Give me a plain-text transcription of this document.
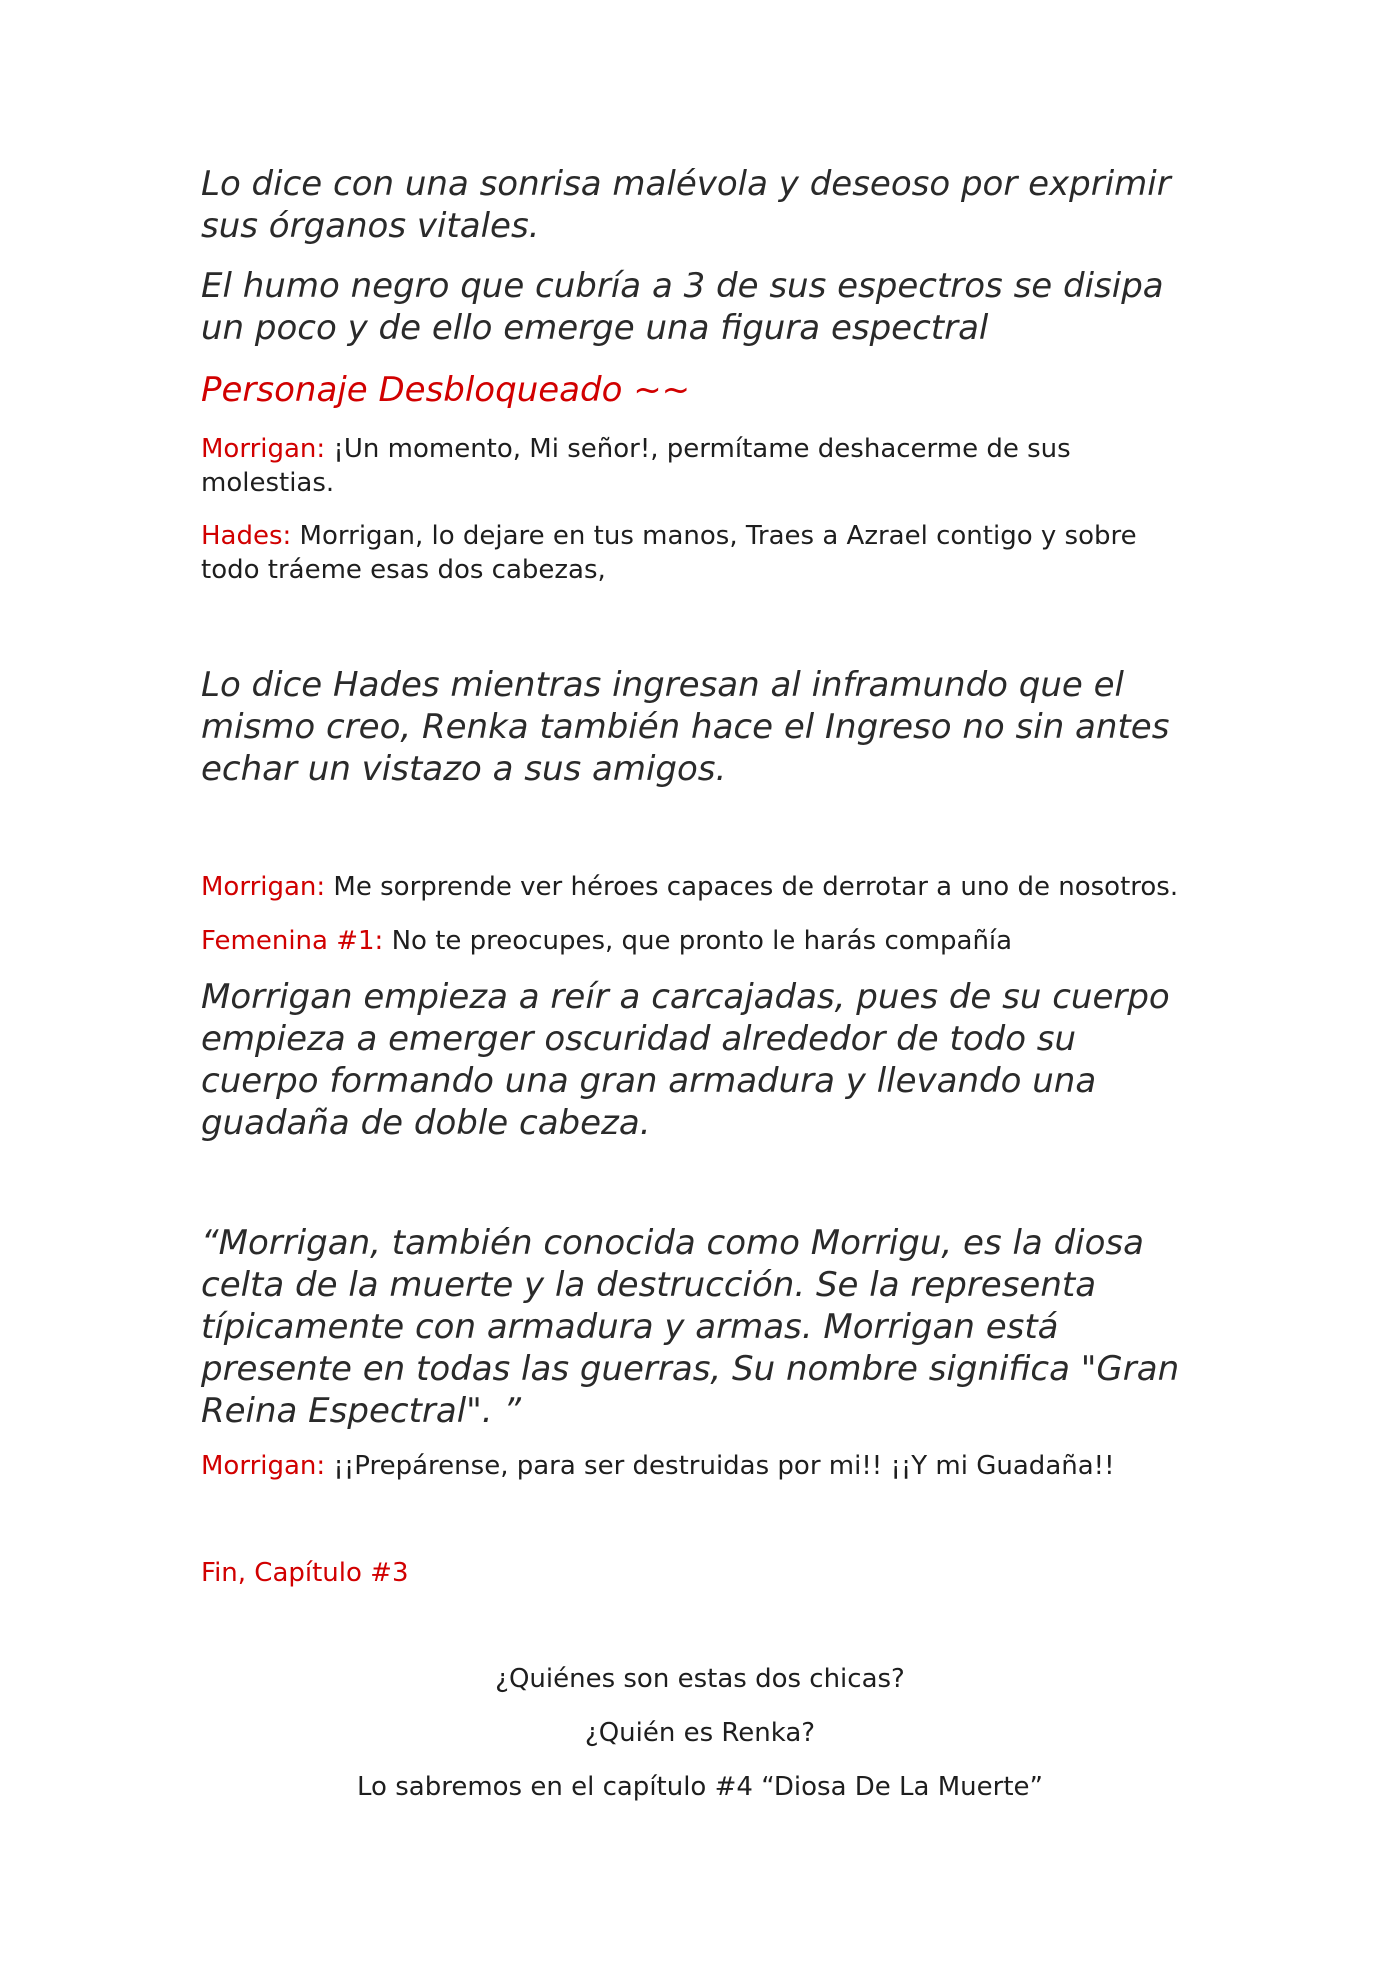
Lo dice con una sonrisa malévola y deseoso por exprimir sus órganos vitales.

El humo negro que cubría a 3 de sus espectros se disipa un poco y de ello emerge una figura espectral

Personaje Desbloqueado ~~

Morrigan: ¡Un momento, Mi señor!, permítame deshacerme de sus molestias.

Hades: Morrigan, lo dejare en tus manos, Traes a Azrael contigo y sobre todo tráeme esas dos cabezas,

Lo dice Hades mientras ingresan al inframundo que el mismo creo, Renka también hace el Ingreso no sin antes echar un vistazo a sus amigos.

Morrigan: Me sorprende ver héroes capaces de derrotar a uno de nosotros.

Femenina #1: No te preocupes, que pronto le harás compañía

Morrigan empieza a reír a carcajadas, pues de su cuerpo empieza a emerger oscuridad alrededor de todo su cuerpo formando una gran armadura y llevando una guadaña de doble cabeza.

“Morrigan, también conocida como Morrigu, es la diosa celta de la muerte y la destrucción. Se la representa típicamente con armadura y armas. Morrigan está presente en todas las guerras, Su nombre significa "Gran Reina Espectral". ”

Morrigan: ¡¡Prepárense, para ser destruidas por mi!! ¡¡Y mi Guadaña!!

Fin, Capítulo #3

¿Quiénes son estas dos chicas?

¿Quién es Renka?

Lo sabremos en el capítulo #4 “Diosa De La Muerte”
